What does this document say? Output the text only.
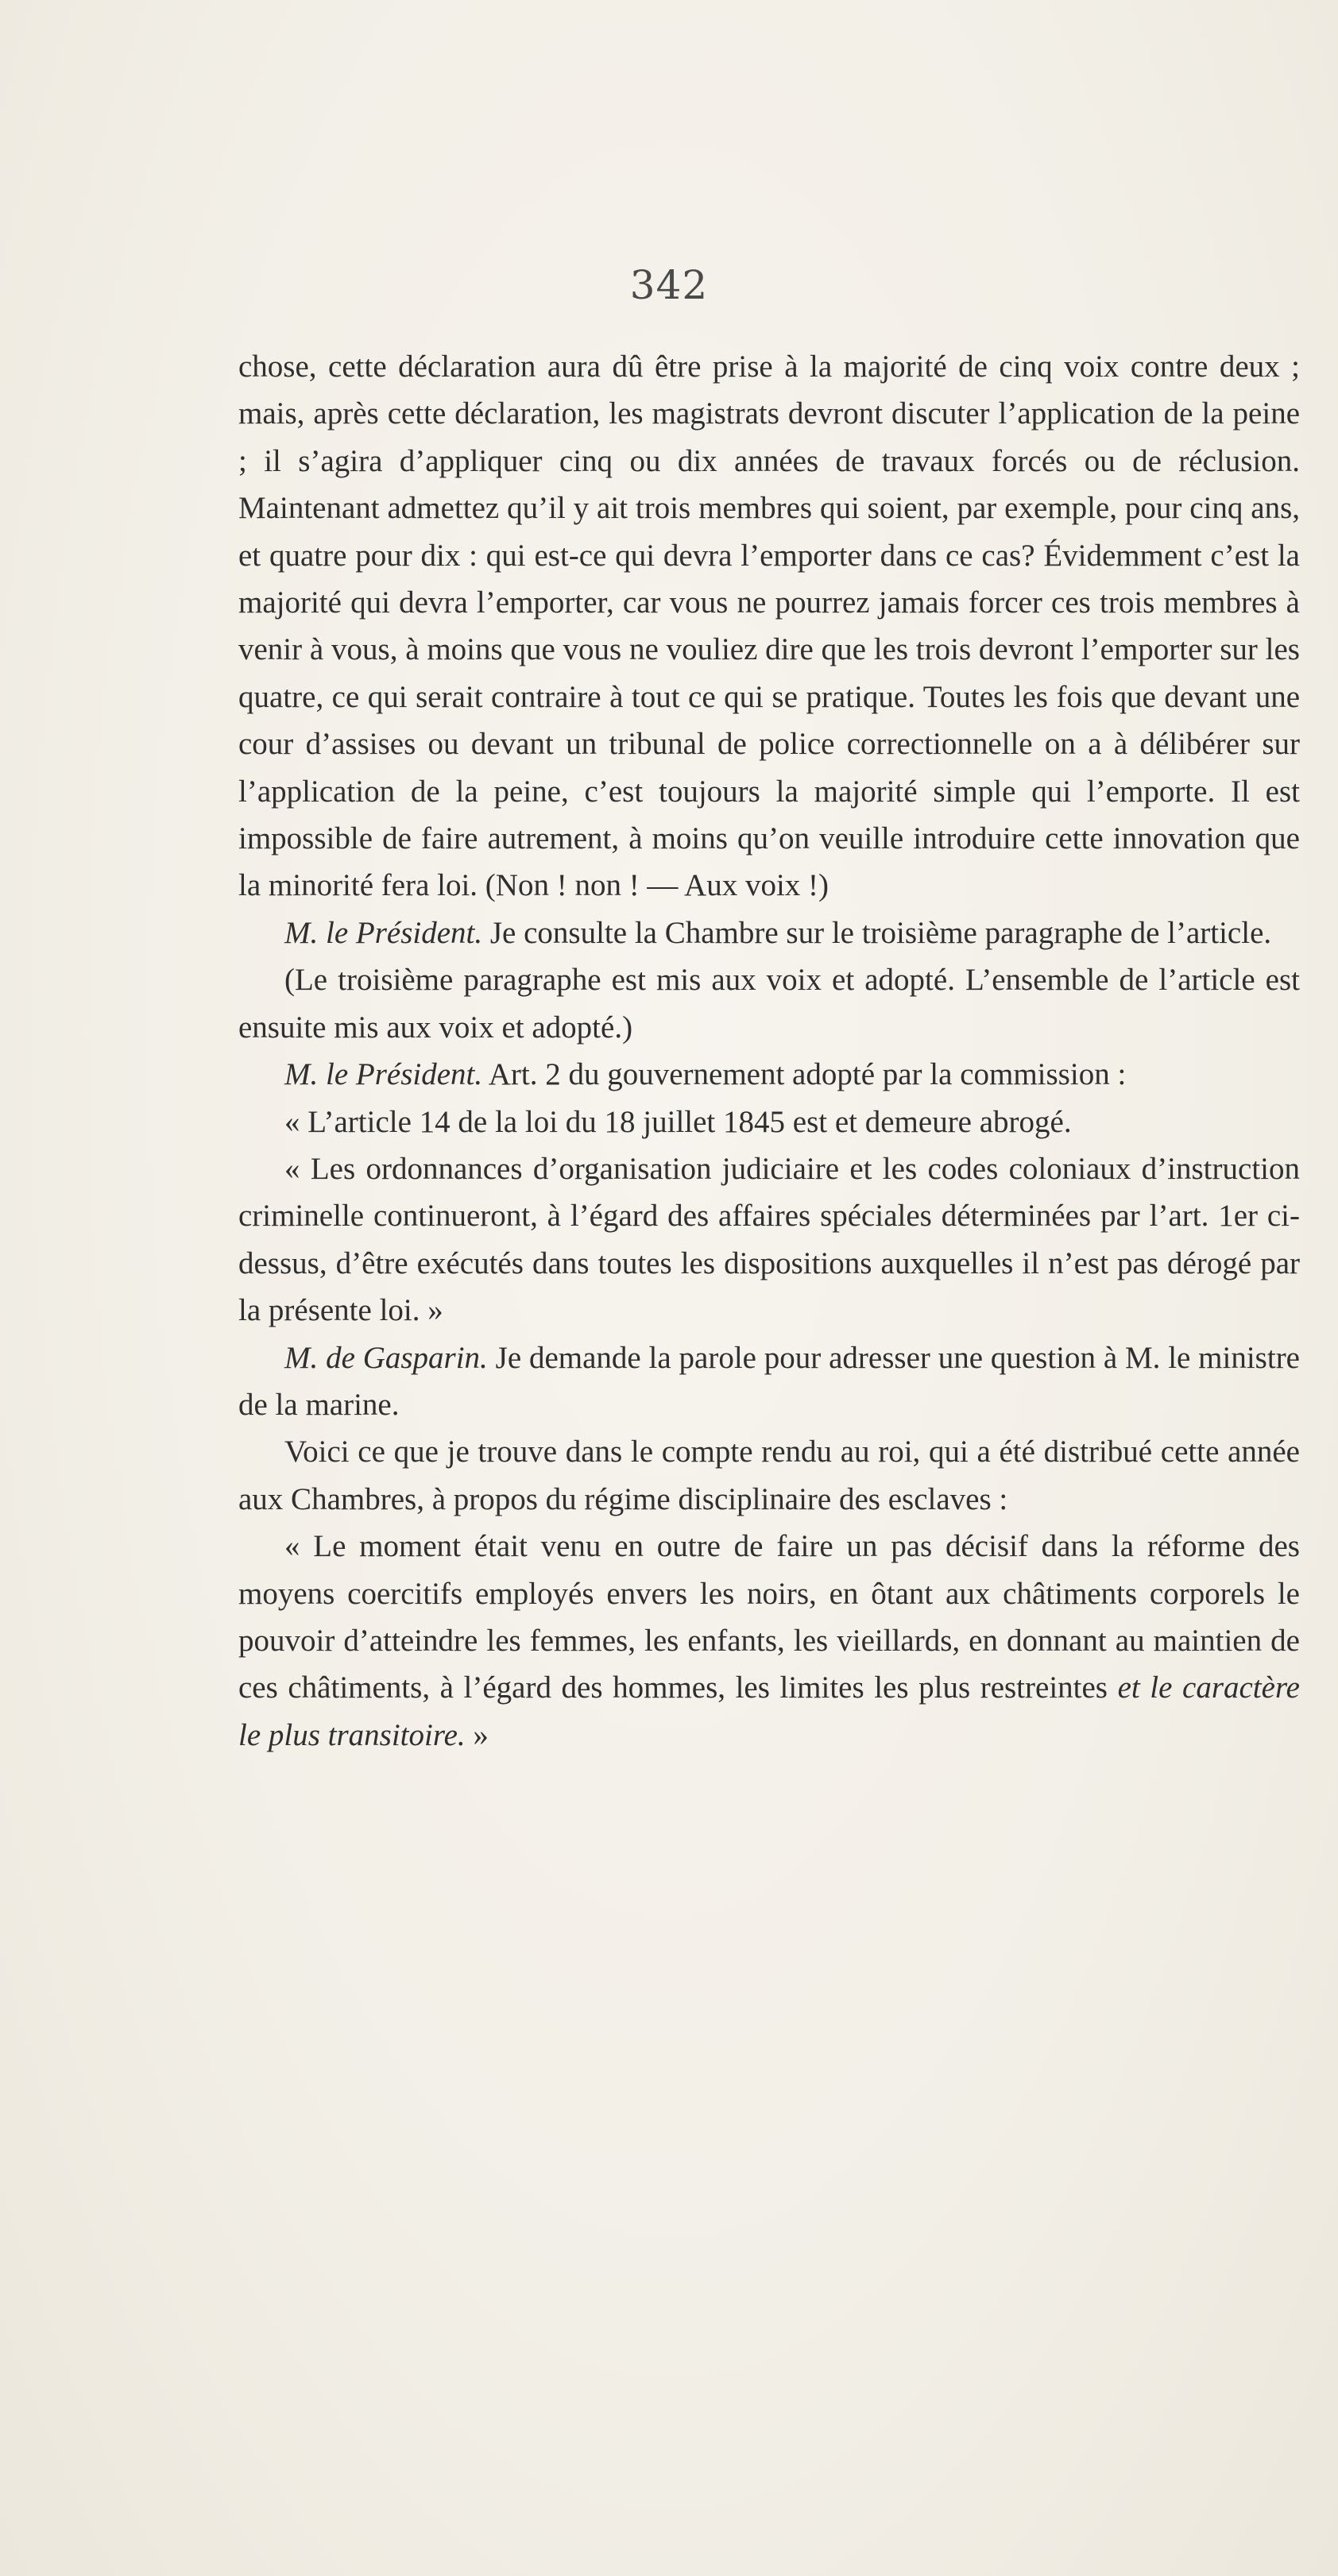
342

chose, cette déclaration aura dû être prise à la majorité de cinq voix contre deux ; mais, après cette déclaration, les magistrats devront discuter l’application de la peine ; il s’agira d’appliquer cinq ou dix années de travaux forcés ou de réclusion. Maintenant admettez qu’il y ait trois membres qui soient, par exemple, pour cinq ans, et quatre pour dix : qui est-ce qui devra l’emporter dans ce cas? Évidemment c’est la majorité qui devra l’emporter, car vous ne pourrez jamais forcer ces trois membres à venir à vous, à moins que vous ne vouliez dire que les trois devront l’emporter sur les quatre, ce qui serait contraire à tout ce qui se pratique. Toutes les fois que devant une cour d’assises ou devant un tribunal de police correctionnelle on a à délibérer sur l’application de la peine, c’est toujours la majorité simple qui l’emporte. Il est impossible de faire autrement, à moins qu’on veuille introduire cette innovation que la minorité fera loi. (Non ! non ! — Aux voix !)

M. le Président. Je consulte la Chambre sur le troisième paragraphe de l’article.

(Le troisième paragraphe est mis aux voix et adopté. L’ensemble de l’article est ensuite mis aux voix et adopté.)

M. le Président. Art. 2 du gouvernement adopté par la commission :

« L’article 14 de la loi du 18 juillet 1845 est et demeure abrogé.

« Les ordonnances d’organisation judiciaire et les codes coloniaux d’instruction criminelle continueront, à l’égard des affaires spéciales déterminées par l’art. 1er ci-dessus, d’être exécutés dans toutes les dispositions auxquelles il n’est pas dérogé par la présente loi. »

M. de Gasparin. Je demande la parole pour adresser une question à M. le ministre de la marine.

Voici ce que je trouve dans le compte rendu au roi, qui a été distribué cette année aux Chambres, à propos du régime disciplinaire des esclaves :

« Le moment était venu en outre de faire un pas décisif dans la réforme des moyens coercitifs employés envers les noirs, en ôtant aux châtiments corporels le pouvoir d’atteindre les femmes, les enfants, les vieillards, en donnant au maintien de ces châtiments, à l’égard des hommes, les limites les plus restreintes et le caractère le plus transitoire. »
